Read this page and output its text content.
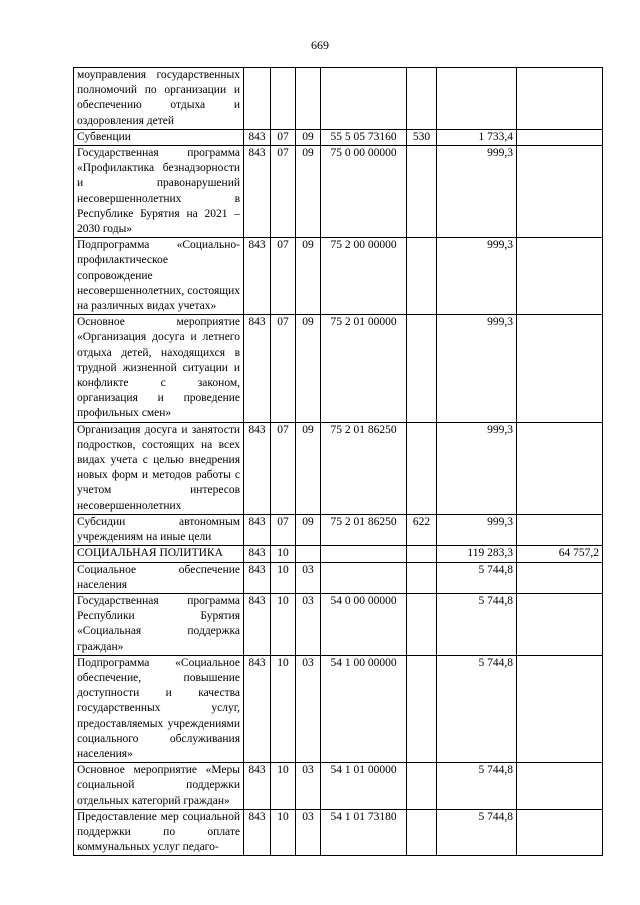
669
моуправления государственных полномочий по организации и обеспечению отдыха и оздоровления детей							
Субвенции	843	07	09	55 5 05 73160	530	1 733,4	
Государственная программа «Профилактика безнадзорности и правонарушений несовершеннолетних в Республике Бурятия на 2021 – 2030 годы»	843	07	09	75 0 00 00000		999,3	
Подпрограмма «Социально-профилактическое сопровождение несовершеннолетних, состоящих на различных видах учетах»	843	07	09	75 2 00 00000		999,3	
Основное мероприятие «Организация досуга и летнего отдыха детей, находящихся в трудной жизненной ситуации и конфликте с законом, организация и проведение профильных смен»	843	07	09	75 2 01 00000		999,3	
Организация досуга и занятости подростков, состоящих на всех видах учета с целью внедрения новых форм и методов работы с учетом интересов несовершеннолетних	843	07	09	75 2 01 86250		999,3	
Субсидии автономным учреждениям на иные цели	843	07	09	75 2 01 86250	622	999,3	
СОЦИАЛЬНАЯ ПОЛИТИКА	843	10				119 283,3	64 757,2
Социальное обеспечение населения	843	10	03			5 744,8	
Государственная программа Республики Бурятия «Социальная поддержка граждан»	843	10	03	54 0 00 00000		5 744,8	
Подпрограмма «Социальное обеспечение, повышение доступности и качества государственных услуг, предоставляемых учреждениями социального обслуживания населения»	843	10	03	54 1 00 00000		5 744,8	
Основное мероприятие «Меры социальной поддержки отдельных категорий граждан»	843	10	03	54 1 01 00000		5 744,8	
Предоставление мер социальной поддержки по оплате коммунальных услуг педаго-	843	10	03	54 1 01 73180		5 744,8	
